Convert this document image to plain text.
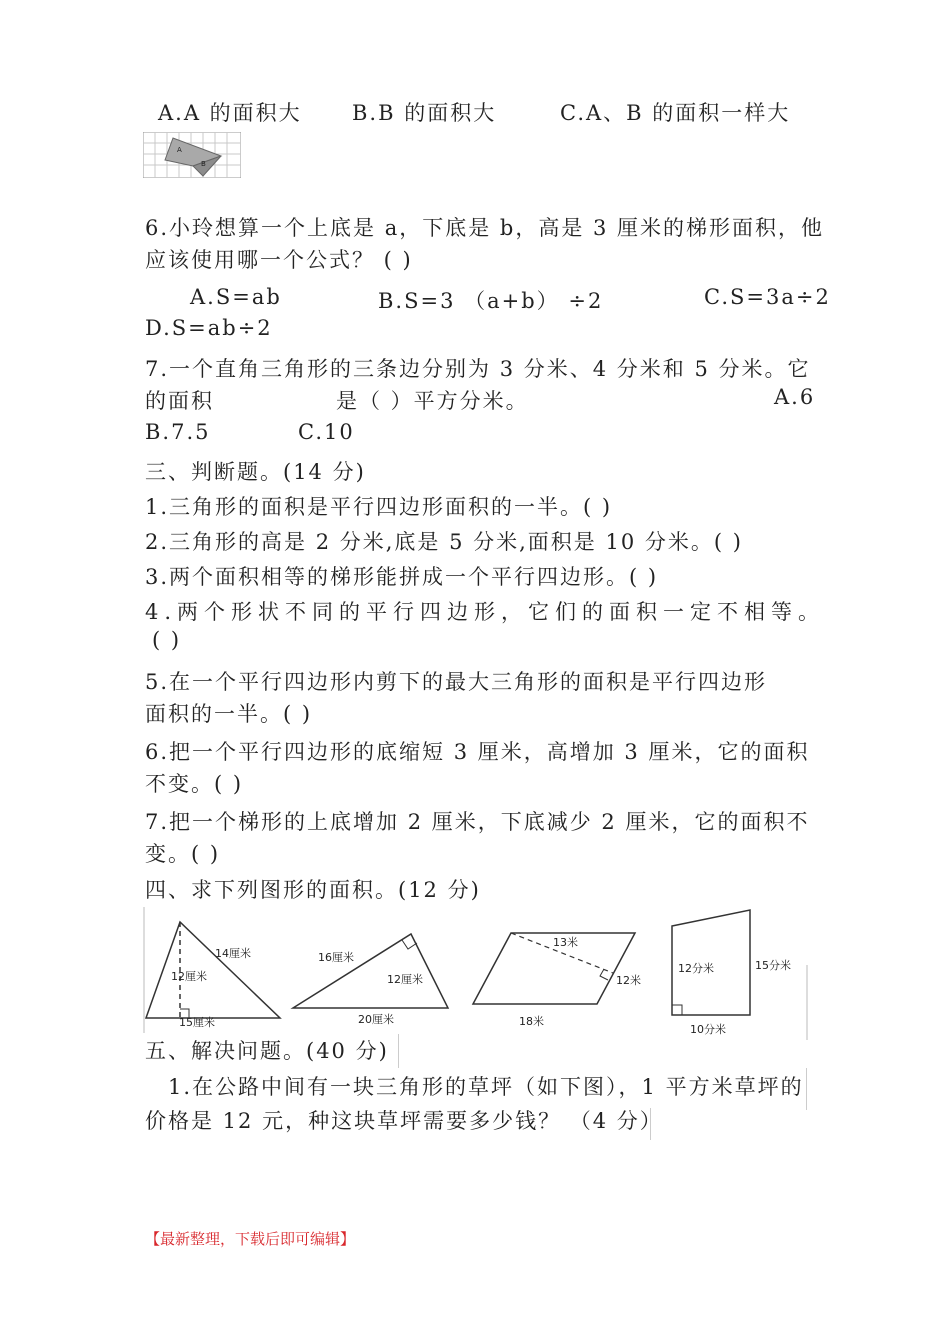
A.A 的面积大 B.B 的面积大	C.A、B 的面积一样大
A
B
6.小玲想算一个上底是 a，下底是 b，高是 3 厘米的梯形面积，他
应该使用哪一个公式？ ( )
A.S=ab	B.S=3 （a+b） ÷2	C.S=3a÷2
D.S=ab÷2
7.一个直角三角形的三条边分别为 3 分米、4 分米和 5 分米。它
的面积	是（ ）平方分米。	A.6
B.7.5	C.10
三、判断题。(14 分)
1.三角形的面积是平行四边形面积的一半。( )
2.三角形的高是 2 分米,底是 5 分米,面积是 10 分米。( )
3.两个面积相等的梯形能拼成一个平行四边形。( )
4.两个形状不同的平行四边形，它们的面积一定不相等。
( )
5.在一个平行四边形内剪下的最大三角形的面积是平行四边形
面积的一半。( )
6.把一个平行四边形的底缩短 3 厘米，高增加 3 厘米，它的面积
不变。( )
7.把一个梯形的上底增加 2 厘米，下底减少 2 厘米，它的面积不
变。( )
四、求下列图形的面积。(12 分)
14厘米
12厘米
15厘米
16厘米
12厘米
20厘米
13米
12米
18米
12分米	15分米
10分米
五、解决问题。(40 分)
1.在公路中间有一块三角形的草坪（如下图），1 平方米草坪的
价格是 12 元，种这块草坪需要多少钱？ （4 分）
【最新整理，下载后即可编辑】
